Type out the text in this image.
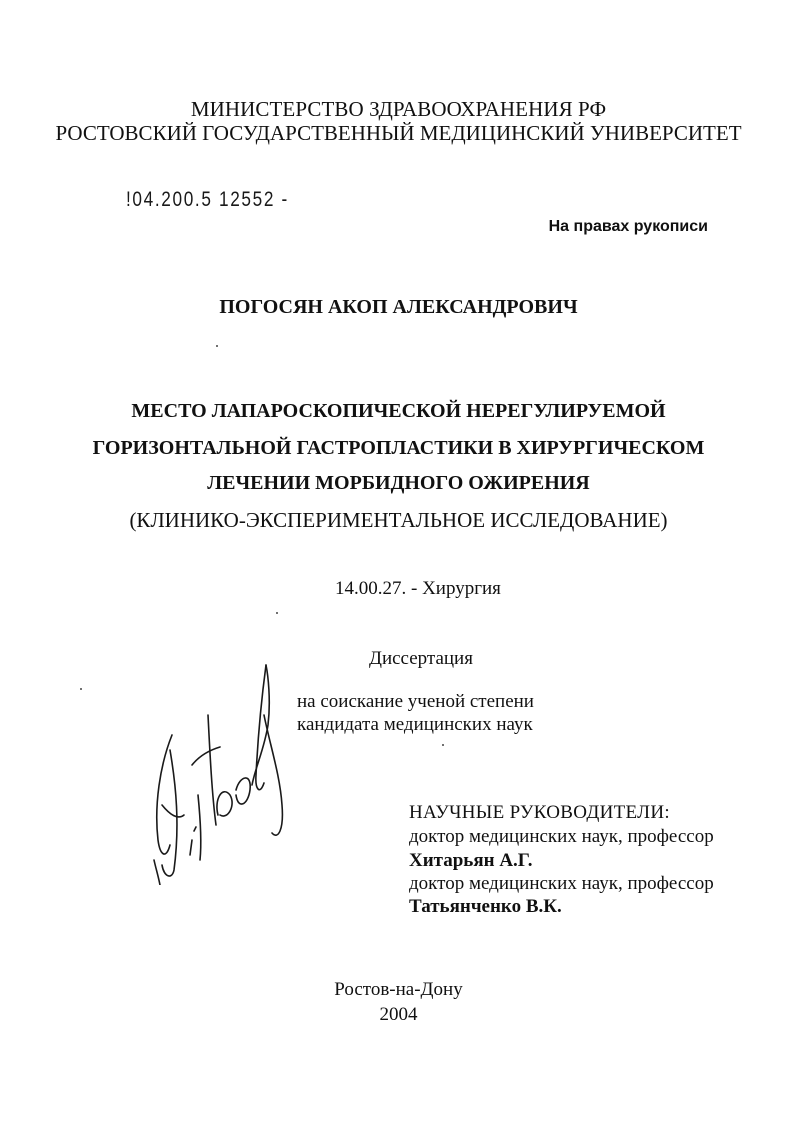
МИНИСТЕРСТВО ЗДРАВООХРАНЕНИЯ РФ
РОСТОВСКИЙ ГОСУДАРСТВЕННЫЙ МЕДИЦИНСКИЙ УНИВЕРСИТЕТ
!04.200.5 12552 -
На правах рукописи
ПОГОСЯН АКОП АЛЕКСАНДРОВИЧ
МЕСТО ЛАПАРОСКОПИЧЕСКОЙ НЕРЕГУЛИРУЕМОЙ
ГОРИЗОНТАЛЬНОЙ ГАСТРОПЛАСТИКИ В ХИРУРГИЧЕСКОМ
ЛЕЧЕНИИ МОРБИДНОГО ОЖИРЕНИЯ
(КЛИНИКО-ЭКСПЕРИМЕНТАЛЬНОЕ ИССЛЕДОВАНИЕ)
14.00.27. - Хирургия
Диссертация
на соискание ученой степени
кандидата медицинских наук
НАУЧНЫЕ РУКОВОДИТЕЛИ:
доктор медицинских наук, профессор
Хитарьян А.Г.
доктор медицинских наук, профессор
Татьянченко В.К.
Ростов-на-Дону
2004
